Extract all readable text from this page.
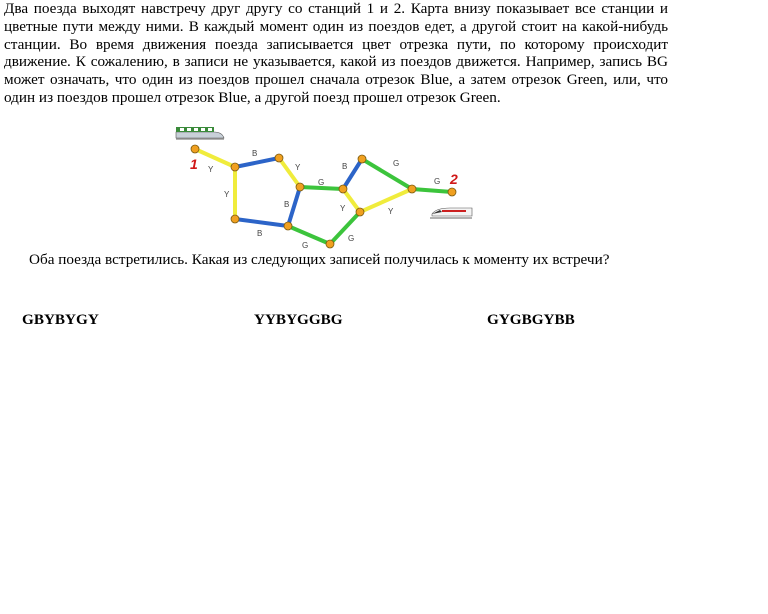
Два поезда выходят навстречу друг другу со станций 1 и 2. Карта внизу показывает все станции и цветные пути между ними. В каждый момент один из поездов едет, а другой стоит на какой-нибудь станции. Во время движения поезда записывается цвет отрезка пути, по которому происходит движение. К сожалению, в записи не указывается, какой из поездов движется. Например, запись BG может означать, что один из поездов прошел сначала отрезок Blue, а затем отрезок Green, или, что один из поездов прошел отрезок Blue, а другой поезд прошел отрезок Green.

Y
Y
B
Y
B
B
G
G
Y	Y
B	G
G
G
1
2

Оба поезда встретились. Какая из следующих записей получилась к моменту их встречи?

GBYBYGY	YYBYGGBG	GYGBGYBB
